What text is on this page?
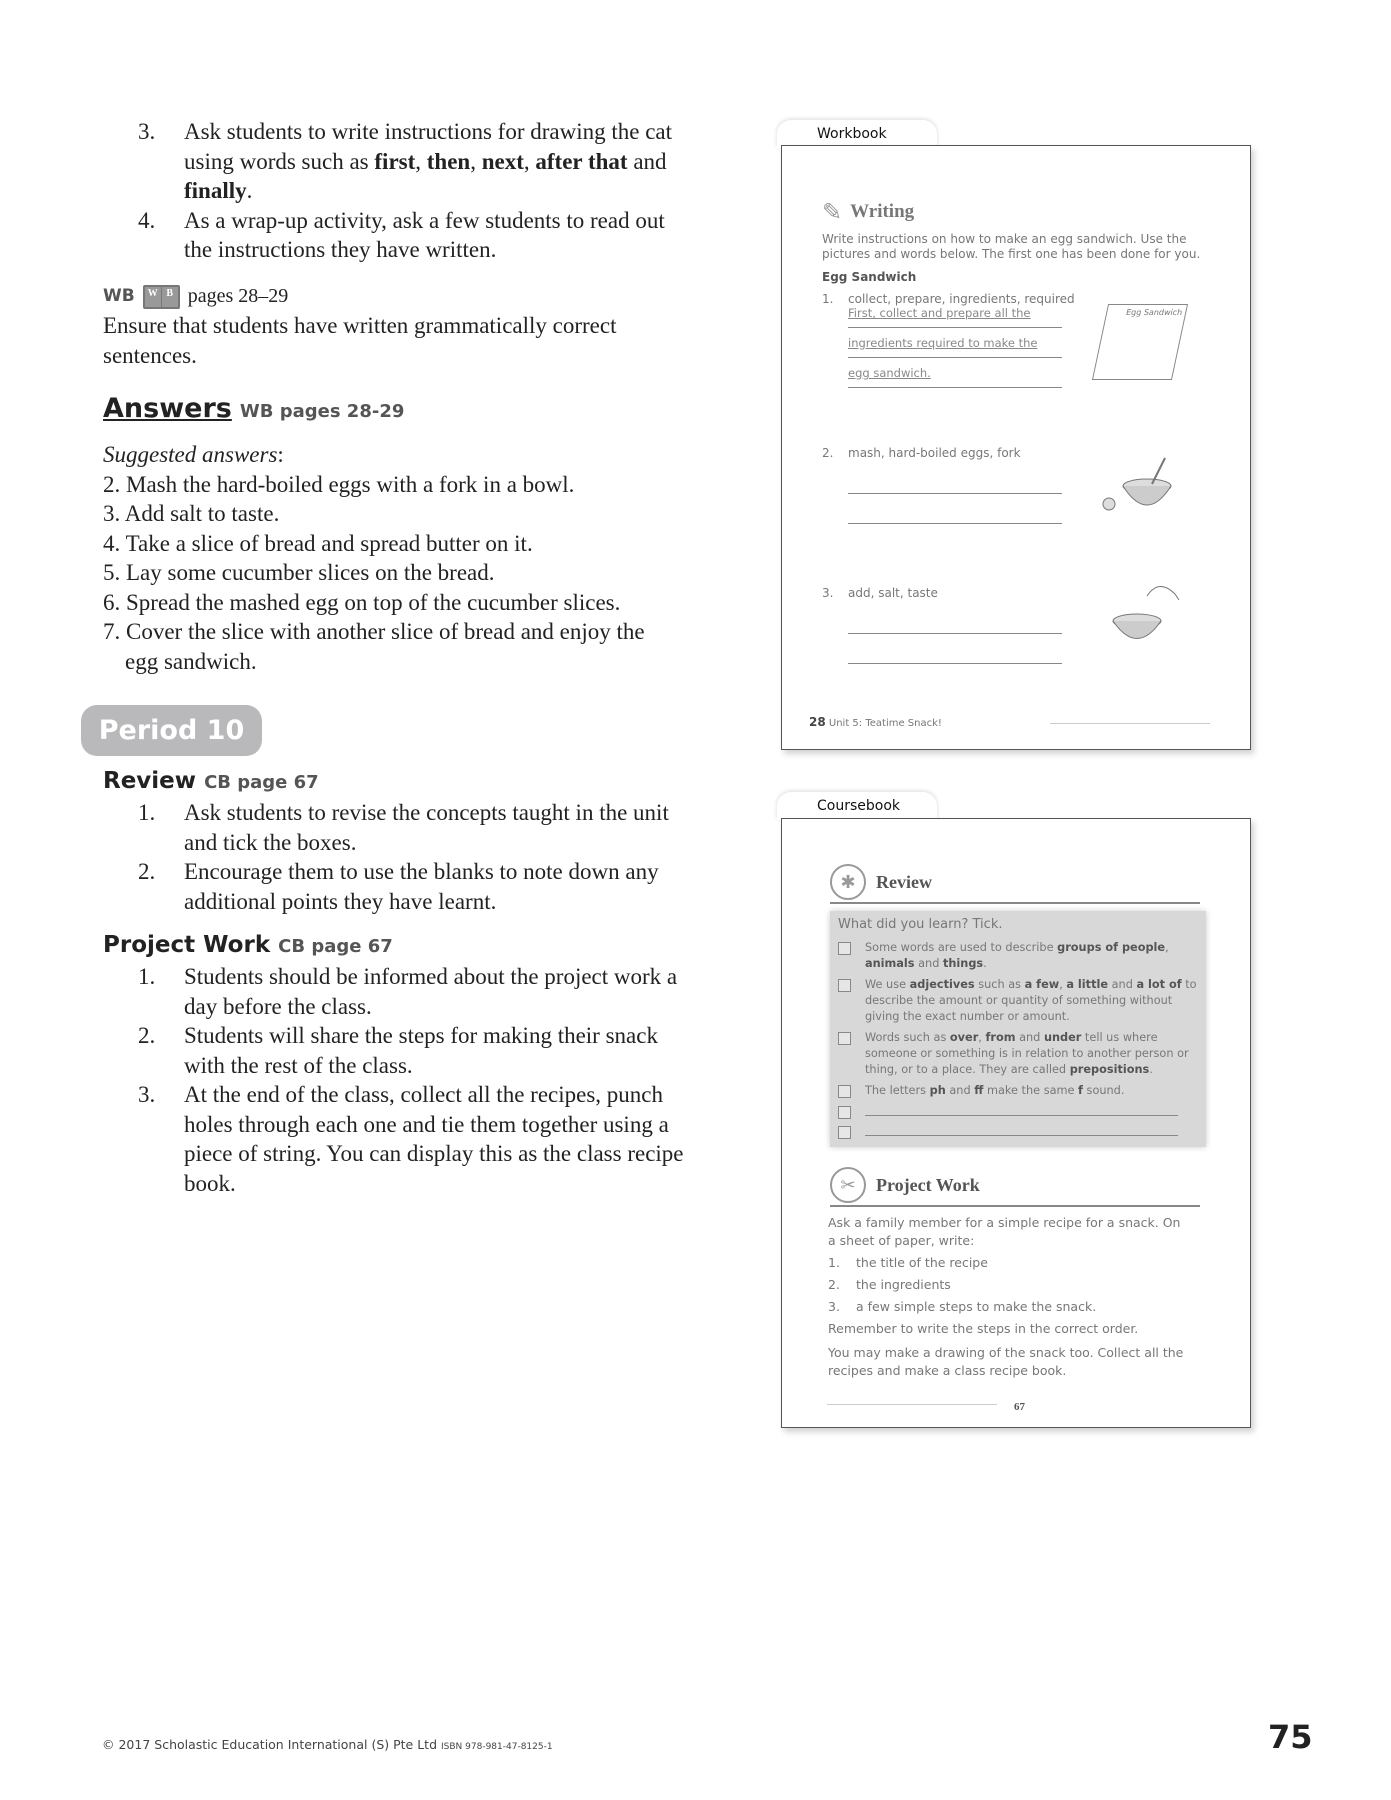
3.	Ask students to write instructions for drawing the cat using words such as first, then, next, after that and finally.
4.	As a wrap-up activity, ask a few students to read out the instructions they have written.
WB	W B pages 28–29

Ensure that students have written grammatically correct sentences.

Answers WB pages 28-29
Suggested answers:
2. Mash the hard-boiled eggs with a fork in a bowl.
3. Add salt to taste.
4. Take a slice of bread and spread butter on it.
5. Lay some cucumber slices on the bread.
6. Spread the mashed egg on top of the cucumber slices.
7. Cover the slice with another slice of bread and enjoy the egg sandwich.
Period 10
Review CB page 67
1.	Ask students to revise the concepts taught in the unit and tick the boxes.
2.	Encourage them to use the blanks to note down any additional points they have learnt.
Project Work CB page 67
1.	Students should be informed about the project work a day before the class.
2.	Students will share the steps for making their snack with the rest of the class.
3.	At the end of the class, collect all the recipes, punch holes through each one and tie them together using a piece of string. You can display this as the class recipe book.
Workbook
✎ Writing

Write instructions on how to make an egg sandwich. Use the pictures and words below. The first one has been done for you.

Egg Sandwich

1.	collect, prepare, ingredients, required
First, collect and prepare all the
ingredients required to make the
egg sandwich.
2.	mash, hard-boiled eggs, fork
3.	add, salt, taste
Egg Sandwich
28 Unit 5: Teatime Snack!
Coursebook
✱	Review

What did you learn? Tick.

Some words are used to describe groups of people, animals and things.
We use adjectives such as a few, a little and a lot of to describe the amount or quantity of something without giving the exact number or amount.
Words such as over, from and under tell us where someone or something is in relation to another person or thing, or to a place. They are called prepositions.
The letters ph and ff make the same f sound.
✂	Project Work

Ask a family member for a simple recipe for a snack. On a sheet of paper, write:

1.	the title of the recipe
2.	the ingredients
3.	a few simple steps to make the snack.

Remember to write the steps in the correct order.

You may make a drawing of the snack too. Collect all the recipes and make a class recipe book.

67
© 2017 Scholastic Education International (S) Pte Ltd ISBN 978-981-47-8125-1	75
